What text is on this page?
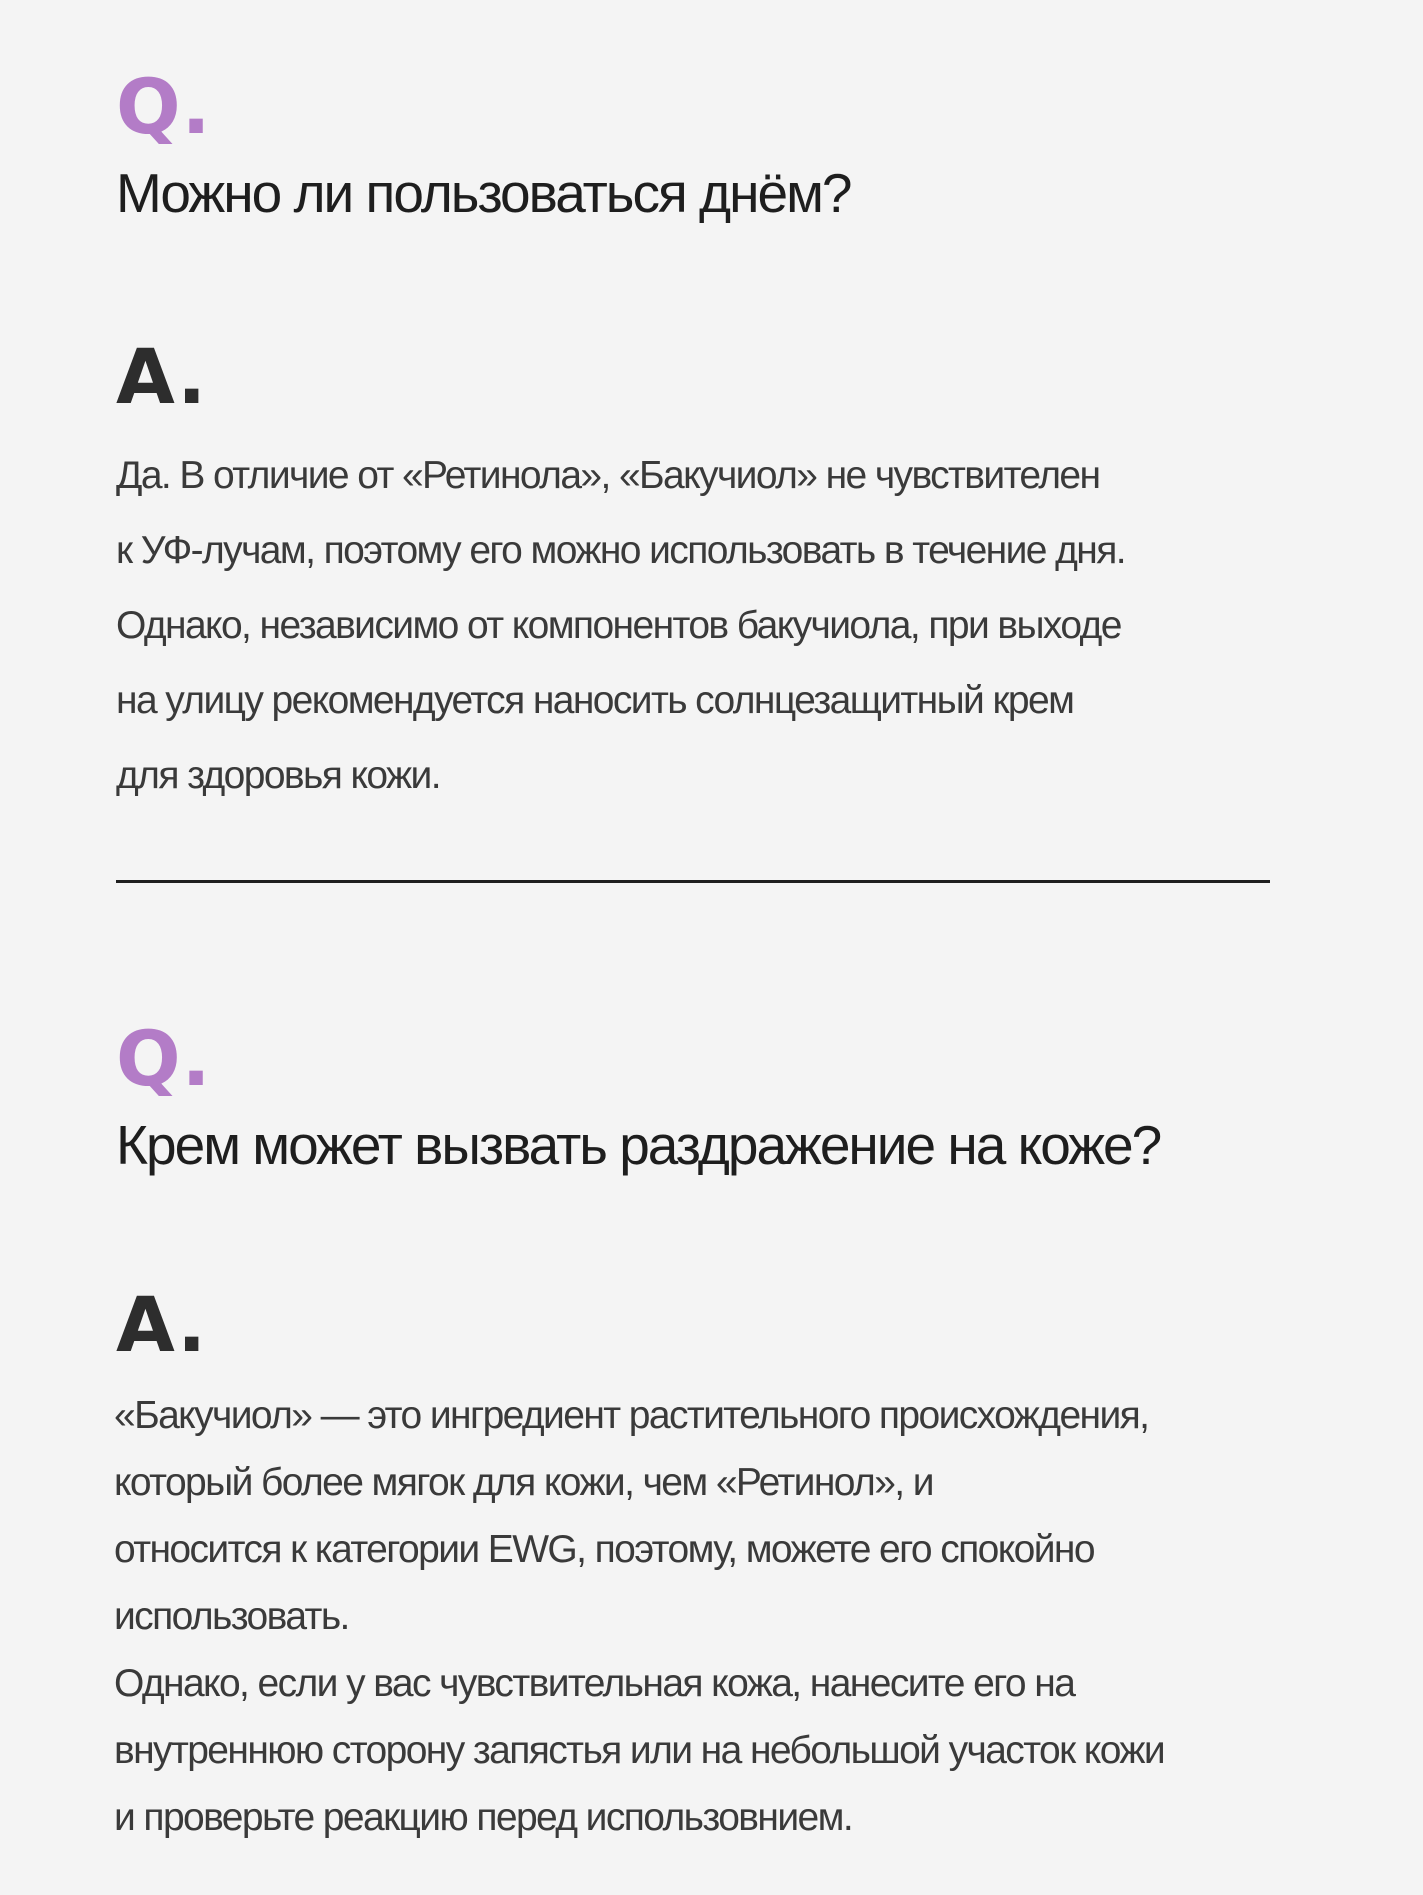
Q.
Можно ли пользоваться днём?
A.
Да. В отличие от «Ретинола», «Бакучиол» не чувствителен
к УФ-лучам, поэтому его можно использовать в течение дня.
Однако, независимо от компонентов бакучиола, при выходе
на улицу рекомендуется наносить солнцезащитный крем
для здоровья кожи.
Q.
Крем может вызвать раздражение на коже?
A.
«Бакучиол» — это ингредиент растительного происхождения,
который более мягок для кожи, чем «Ретинол», и
относится к категории EWG, поэтому, можете его спокойно
использовать.
Однако, если у вас чувствительная кожа, нанесите его на
внутреннюю сторону запястья или на небольшой участок кожи
и проверьте реакцию перед использовнием.
